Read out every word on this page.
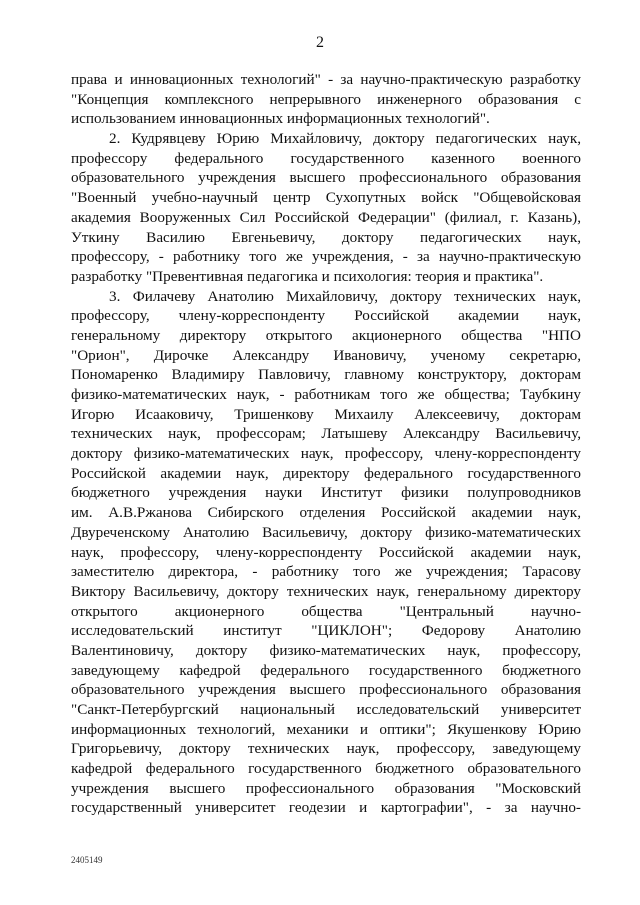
2
права и инновационных технологий" - за научно-практическую разработку
"Концепция комплексного непрерывного инженерного образования с
использованием инновационных информационных технологий".
2. Кудрявцеву Юрию Михайловичу, доктору педагогических наук,
профессору федерального государственного казенного военного
образовательного учреждения высшего профессионального образования
"Военный учебно-научный центр Сухопутных войск "Общевойсковая
академия Вооруженных Сил Российской Федерации" (филиал, г. Казань),
Уткину Василию Евгеньевичу, доктору педагогических наук,
профессору, - работнику того же учреждения, - за научно-практическую
разработку "Превентивная педагогика и психология: теория и практика".
3. Филачеву Анатолию Михайловичу, доктору технических наук,
профессору, члену-корреспонденту Российской академии наук,
генеральному директору открытого акционерного общества "НПО
"Орион", Дирочке Александру Ивановичу, ученому секретарю,
Пономаренко Владимиру Павловичу, главному конструктору, докторам
физико-математических наук, - работникам того же общества; Таубкину
Игорю Исааковичу, Тришенкову Михаилу Алексеевичу, докторам
технических наук, профессорам; Латышеву Александру Васильевичу,
доктору физико-математических наук, профессору, члену-корреспонденту
Российской академии наук, директору федерального государственного
бюджетного учреждения науки Институт физики полупроводников
им. А.В.Ржанова Сибирского отделения Российской академии наук,
Двуреченскому Анатолию Васильевичу, доктору физико-математических
наук, профессору, члену-корреспонденту Российской академии наук,
заместителю директора, - работнику того же учреждения; Тарасову
Виктору Васильевичу, доктору технических наук, генеральному директору
открытого акционерного общества "Центральный научно-
исследовательский институт "ЦИКЛОН"; Федорову Анатолию
Валентиновичу, доктору физико-математических наук, профессору,
заведующему кафедрой федерального государственного бюджетного
образовательного учреждения высшего профессионального образования
"Санкт-Петербургский национальный исследовательский университет
информационных технологий, механики и оптики"; Якушенкову Юрию
Григорьевичу, доктору технических наук, профессору, заведующему
кафедрой федерального государственного бюджетного образовательного
учреждения высшего профессионального образования "Московский
государственный университет геодезии и картографии", - за научно-
2405149
